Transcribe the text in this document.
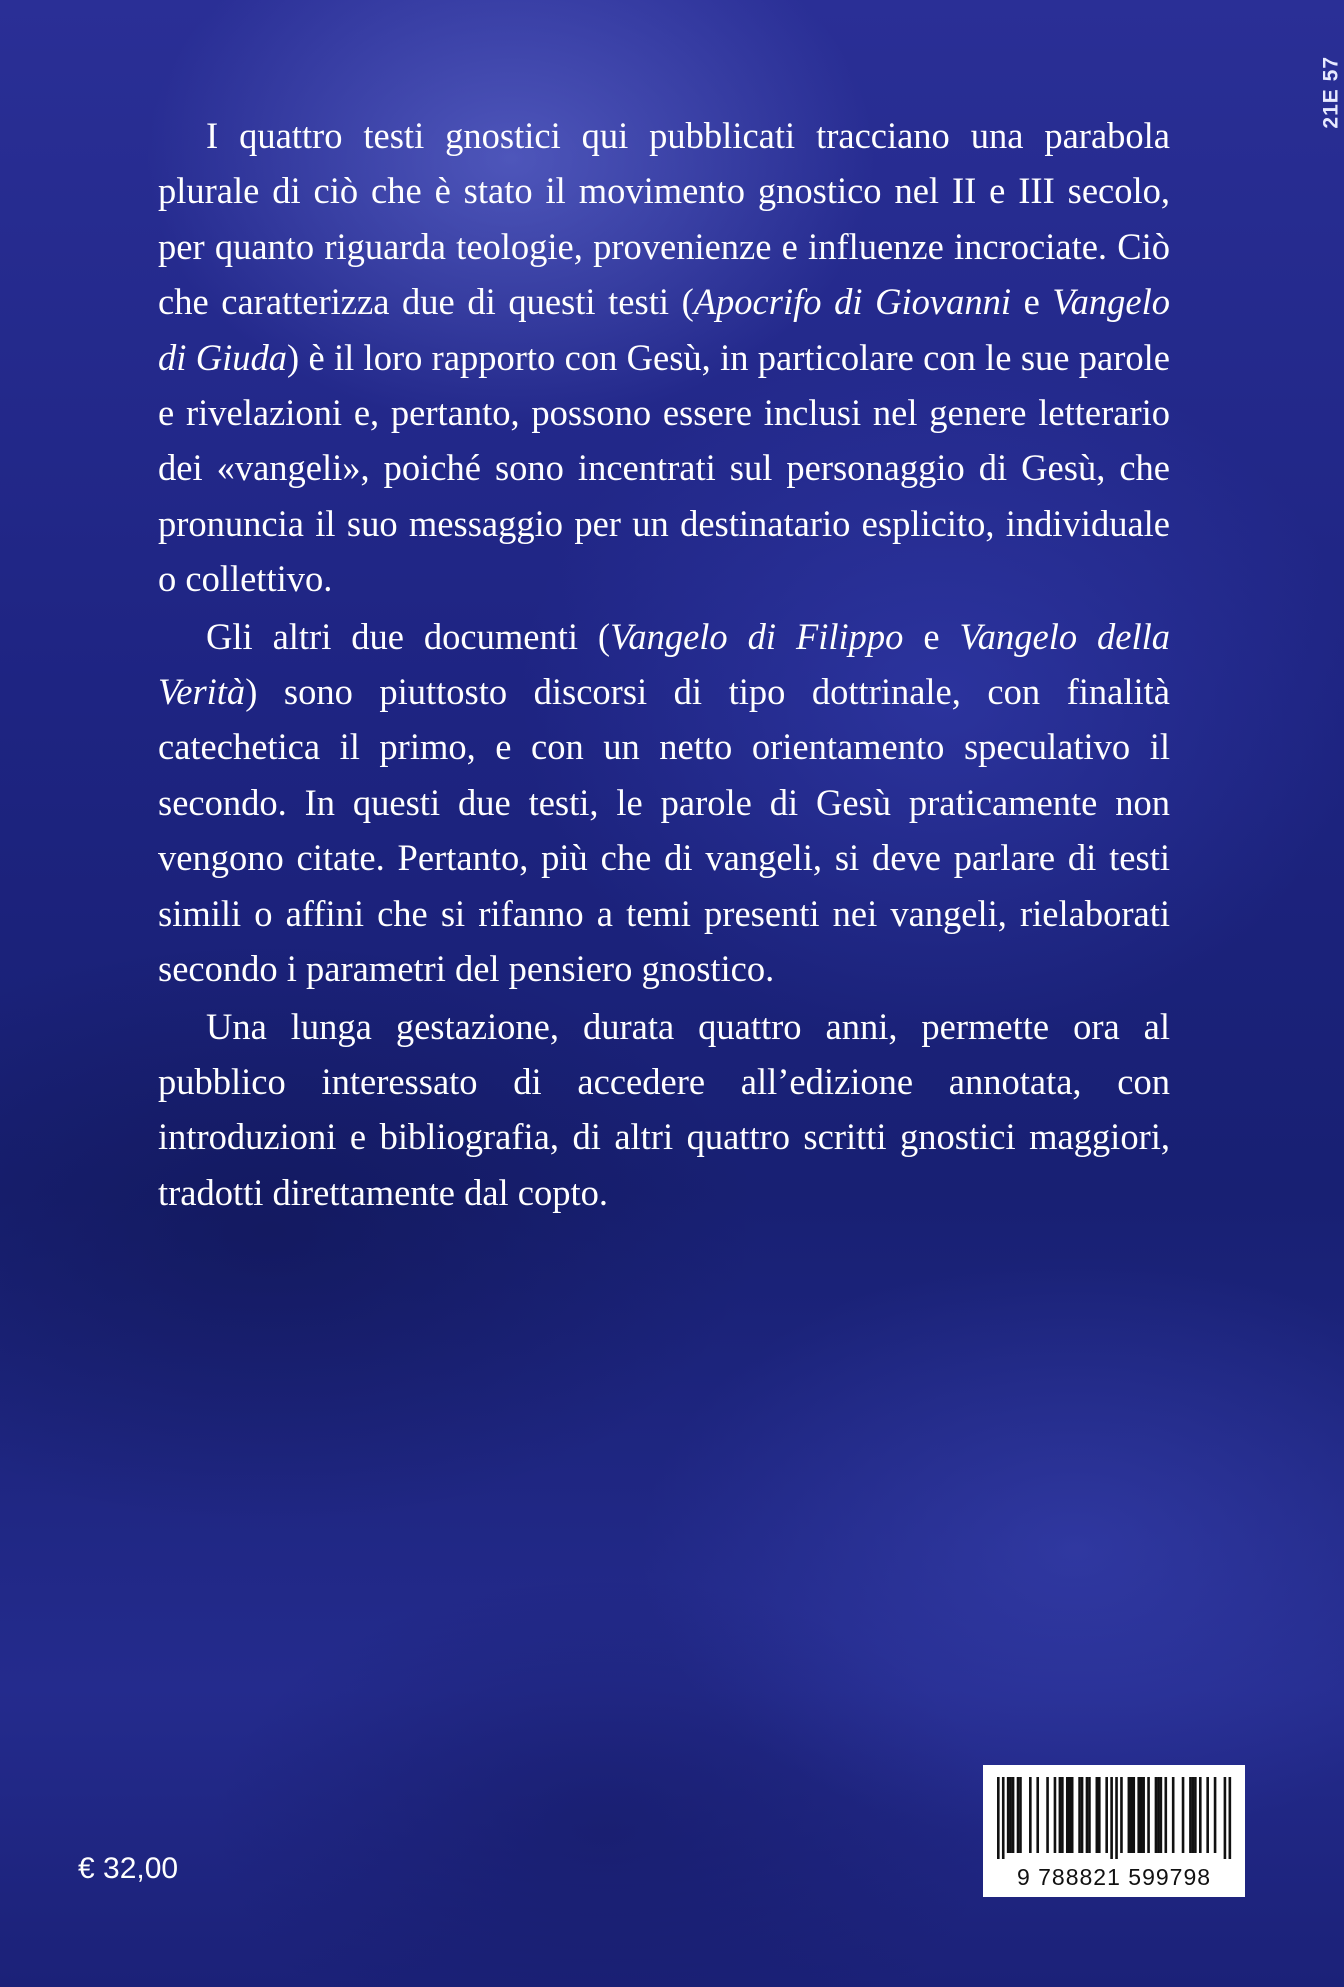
21E 57

I quattro testi gnostici qui pubblicati tracciano una parabola plurale di ciò che è stato il movimento gnostico nel II e III secolo, per quanto riguarda teologie, provenienze e influenze incrociate. Ciò che caratterizza due di questi testi (Apocrifo di Giovanni e Vangelo di Giuda) è il loro rapporto con Gesù, in particolare con le sue parole e rivelazioni e, pertanto, possono essere inclusi nel genere letterario dei «vangeli», poiché sono incentrati sul personaggio di Gesù, che pronuncia il suo messaggio per un destinatario esplicito, individuale o collettivo.

Gli altri due documenti (Vangelo di Filippo e Vangelo della Verità) sono piuttosto discorsi di tipo dottrinale, con finalità catechetica il primo, e con un netto orientamento speculativo il secondo. In questi due testi, le parole di Gesù praticamente non vengono citate. Pertanto, più che di vangeli, si deve parlare di testi simili o affini che si rifanno a temi presenti nei vangeli, rielaborati secondo i parametri del pensiero gnostico.

Una lunga gestazione, durata quattro anni, permette ora al pubblico interessato di accedere all’edizione annotata, con introduzioni e bibliografia, di altri quattro scritti gnostici maggiori, tradotti direttamente dal copto.

€ 32,00	9 788821 599798
